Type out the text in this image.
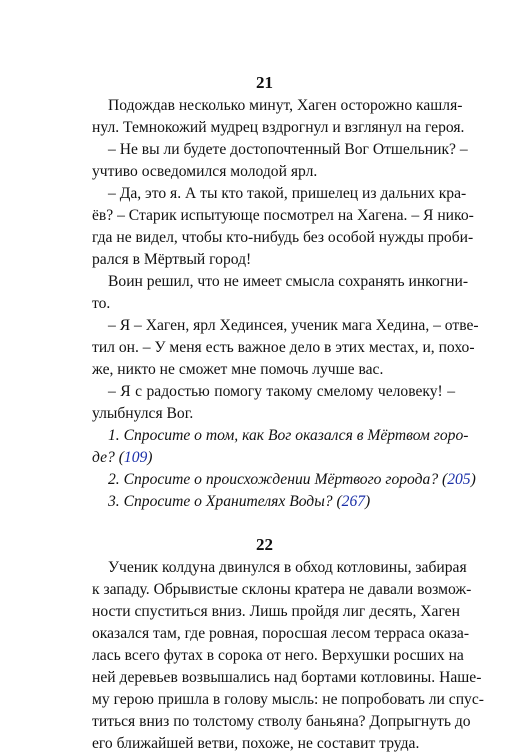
21
Подождав несколько минут, Хаген осторожно кашля-
нул. Темнокожий мудрец вздрогнул и взглянул на героя.
– Не вы ли будете достопочтенный Вог Отшельник? –
учтиво осведомился молодой ярл.
– Да, это я. А ты кто такой, пришелец из дальних кра-
ёв? – Старик испытующе посмотрел на Хагена. – Я нико-
гда не видел, чтобы кто-нибудь без особой нужды проби-
рался в Мёртвый город!
Воин решил, что не имеет смысла сохранять инкогни-
то.
– Я – Хаген, ярл Хединсея, ученик мага Хедина, – отве-
тил он. – У меня есть важное дело в этих местах, и, похо-
же, никто не сможет мне помочь лучше вас.
– Я с радостью помогу такому смелому человеку! –
улыбнулся Вог.
1. Спросите о том, как Вог оказался в Мёртвом горо-
де? (109)
2. Спросите о происхождении Мёртвого города? (205)
3. Спросите о Хранителях Воды? (267)
22
Ученик колдуна двинулся в обход котловины, забирая
к западу. Обрывистые склоны кратера не давали возмож-
ности спуститься вниз. Лишь пройдя лиг десять, Хаген
оказался там, где ровная, поросшая лесом терраса оказа-
лась всего футах в сорока от него. Верхушки росших на
ней деревьев возвышались над бортами котловины. Нашe-
му герою пришла в голову мысль: не попробовать ли спус-
титься вниз по толстому стволу баньяна? Допрыгнуть до
его ближайшей ветви, похоже, не составит труда.
